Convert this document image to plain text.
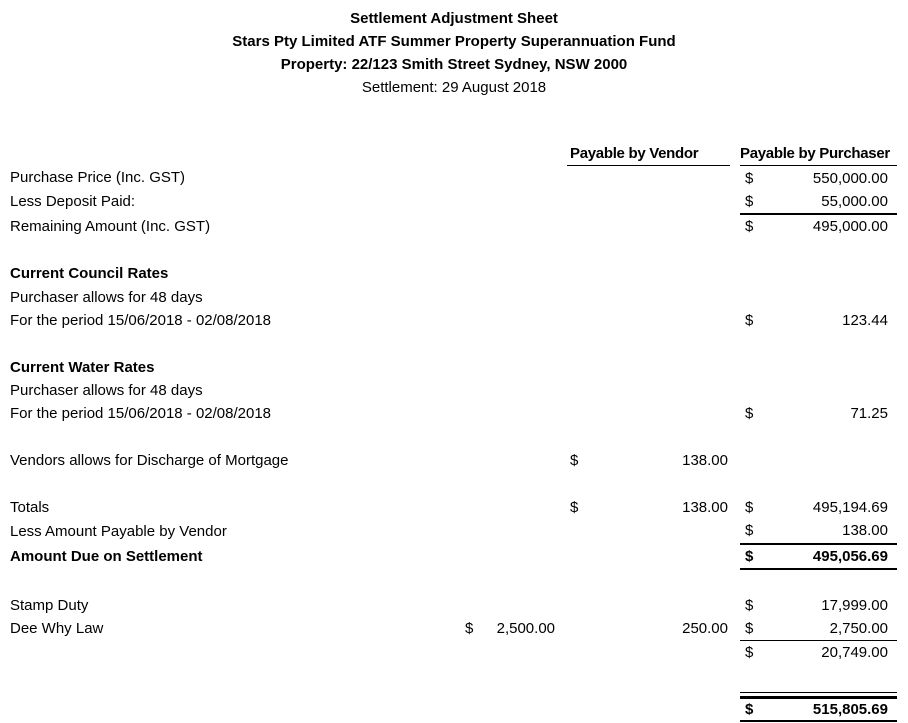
Settlement Adjustment Sheet
Stars Pty Limited ATF Summer Property Superannuation Fund
Property: 22/123 Smith Street Sydney, NSW 2000
Settlement: 29 August 2018
			Payable by Vendor		Payable by Purchaser
Purchase Price (Inc. GST)					$ 550,000.00

Less Deposit Paid:					$ 55,000.00

Remaining Amount (Inc. GST)					$ 495,000.00

Current Council Rates					
Purchaser allows for 48 days					
For the period 15/06/2018 - 02/08/2018					$ 123.44

Current Water Rates					
Purchaser allows for 48 days					
For the period 15/06/2018 - 02/08/2018					$ 71.25

Vendors allows for Discharge of Mortgage			$ 138.00		

Totals			$ 138.00		$ 495,194.69

Less Amount Payable by Vendor					$ 138.00

Amount Due on Settlement					$ 495,056.69

Stamp Duty					$ 17,999.00

Dee Why Law	$ 2,500.00		250.00		$ 2,750.00

					$ 20,749.00

					$ 515,805.69
